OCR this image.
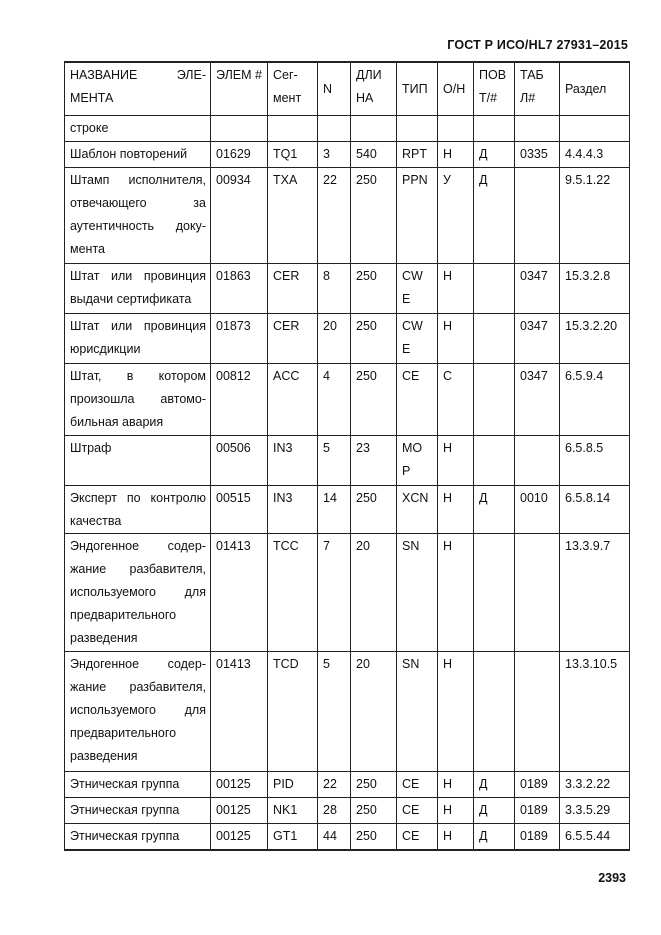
ГОСТ Р ИСО/HL7 27931–2015
НАЗВАНИЕ ЭЛЕ-МЕНТА	ЭЛЕМ #	Сег-мент	N	ДЛИ НА	ТИП	О/Н	ПОВ Т/#	ТАБ Л#	Раздел
строке									
Шаблон повторений	01629	TQ1	3	540	RPT	Н	Д	0335	4.4.4.3
Штамп исполнителя, отвечающего за аутентичность доку-мента	00934	TXA	22	250	PPN	У	Д		9.5.1.22
Штат или провинция выдачи сертификата	01863	CER	8	250	CW E	Н		0347	15.3.2.8
Штат или провинция юрисдикции	01873	CER	20	250	CW E	Н		0347	15.3.2.20
Штат, в котором произошла автомо-бильная авария	00812	ACC	4	250	CE	С		0347	6.5.9.4
Штраф	00506	IN3	5	23	MO P	Н			6.5.8.5
Эксперт по контролю качества	00515	IN3	14	250	XCN	Н	Д	0010	6.5.8.14
Эндогенное содер-жание разбавителя, используемого для предварительного разведения	01413	TCC	7	20	SN	Н			13.3.9.7
Эндогенное содер-жание разбавителя, используемого для предварительного разведения	01413	TCD	5	20	SN	Н			13.3.10.5
Этническая группа	00125	PID	22	250	CE	Н	Д	0189	3.3.2.22
Этническая группа	00125	NK1	28	250	CE	Н	Д	0189	3.3.5.29
Этническая группа	00125	GT1	44	250	CE	Н	Д	0189	6.5.5.44
2393
